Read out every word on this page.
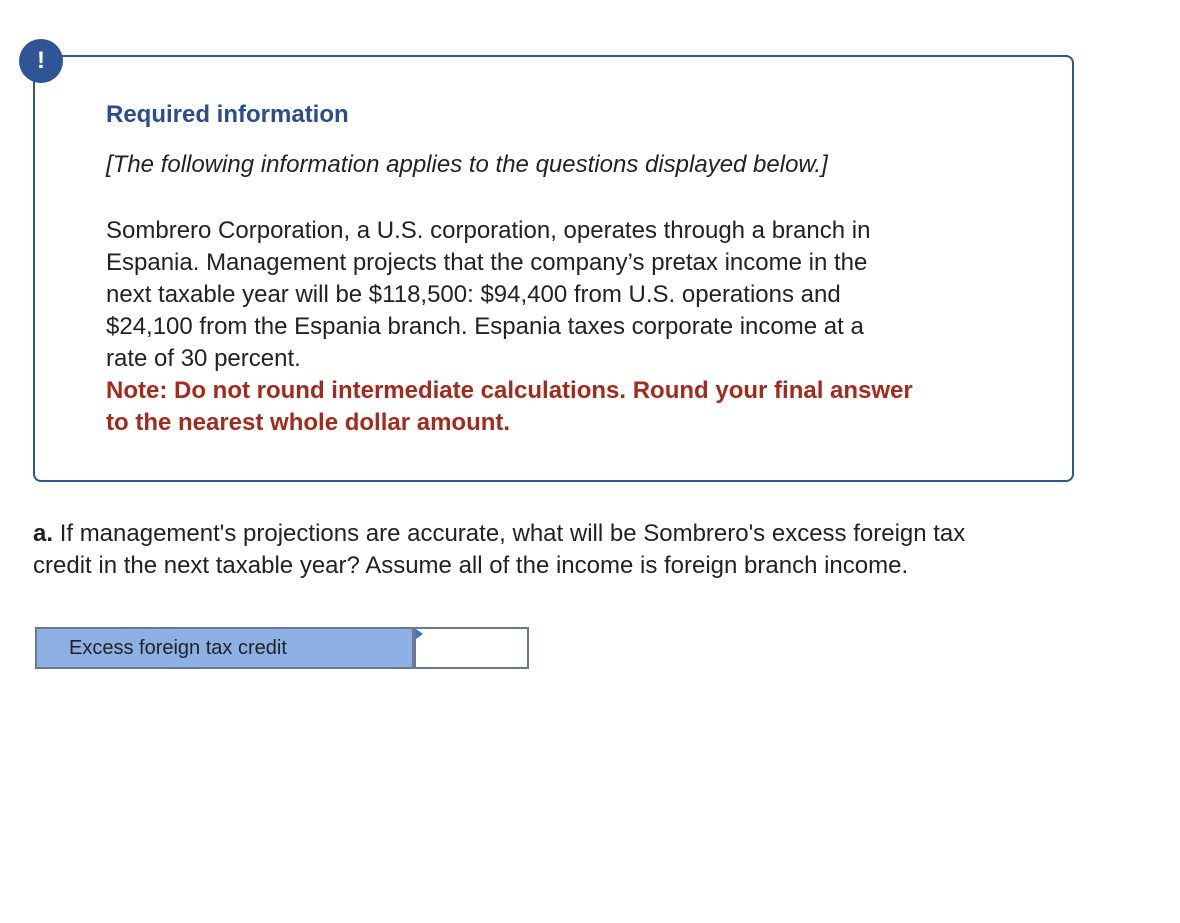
!

Required information

[The following information applies to the questions displayed below.]

Sombrero Corporation, a U.S. corporation, operates through a branch in
Espania. Management projects that the company’s pretax income in the
next taxable year will be $118,500: $94,400 from U.S. operations and
$24,100 from the Espania branch. Espania taxes corporate income at a
rate of 30 percent.

Note: Do not round intermediate calculations. Round your final answer
to the nearest whole dollar amount.

a. If management's projections are accurate, what will be Sombrero's excess foreign tax
credit in the next taxable year? Assume all of the income is foreign branch income.

Excess foreign tax credit
